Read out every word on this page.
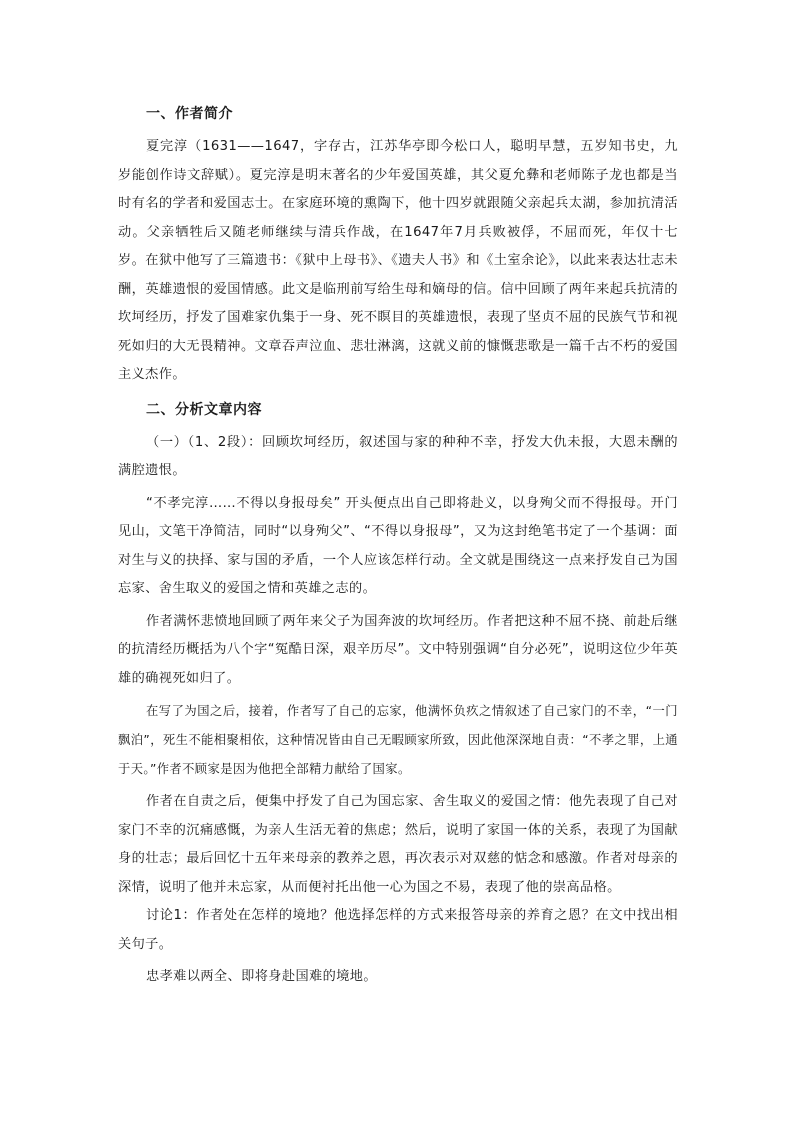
一、作者简介

夏完淳（1631——1647，字存古，江苏华亭即今松口人，聪明早慧，五岁知书史，九岁能创作诗文辞赋）。夏完淳是明末著名的少年爱国英雄，其父夏允彝和老师陈子龙也都是当时有名的学者和爱国志士。在家庭环境的熏陶下，他十四岁就跟随父亲起兵太湖，参加抗清活动。父亲牺牲后又随老师继续与清兵作战，在1647年7月兵败被俘，不屈而死，年仅十七岁。在狱中他写了三篇遗书：《狱中上母书》、《遗夫人书》和《土室余论》，以此来表达壮志未酬，英雄遗恨的爱国情感。此文是临刑前写给生母和嫡母的信。信中回顾了两年来起兵抗清的坎坷经历，抒发了国难家仇集于一身、死不瞑目的英雄遗恨，表现了坚贞不屈的民族气节和视死如归的大无畏精神。文章吞声泣血、悲壮淋漓，这就义前的慷慨悲歌是一篇千古不朽的爱国主义杰作。

二、分析文章内容

（一）（1、2段）：回顾坎坷经历，叙述国与家的种种不幸，抒发大仇未报，大恩未酬的满腔遗恨。

“不孝完淳……不得以身报母矣” 开头便点出自己即将赴义，以身殉父而不得报母。开门见山，文笔干净简洁，同时“以身殉父”、“不得以身报母”，又为这封绝笔书定了一个基调：面对生与义的抉择、家与国的矛盾，一个人应该怎样行动。全文就是围绕这一点来抒发自己为国忘家、舍生取义的爱国之情和英雄之志的。

作者满怀悲愤地回顾了两年来父子为国奔波的坎坷经历。作者把这种不屈不挠、前赴后继的抗清经历概括为八个字“冤酷日深，艰辛历尽”。文中特别强调“自分必死”，说明这位少年英雄的确视死如归了。

在写了为国之后，接着，作者写了自己的忘家，他满怀负疚之情叙述了自己家门的不幸，“一门飘泊”，死生不能相聚相依，这种情况皆由自己无暇顾家所致，因此他深深地自责：“不孝之罪，上通于天。”作者不顾家是因为他把全部精力献给了国家。

作者在自责之后，便集中抒发了自己为国忘家、舍生取义的爱国之情：他先表现了自己对家门不幸的沉痛感慨，为亲人生活无着的焦虑；然后，说明了家国一体的关系，表现了为国献身的壮志；最后回忆十五年来母亲的教养之恩，再次表示对双慈的惦念和感激。作者对母亲的深情，说明了他并未忘家，从而便衬托出他一心为国之不易，表现了他的崇高品格。

讨论1：作者处在怎样的境地？他选择怎样的方式来报答母亲的养育之恩？在文中找出相关句子。

忠孝难以两全、即将身赴国难的境地。
